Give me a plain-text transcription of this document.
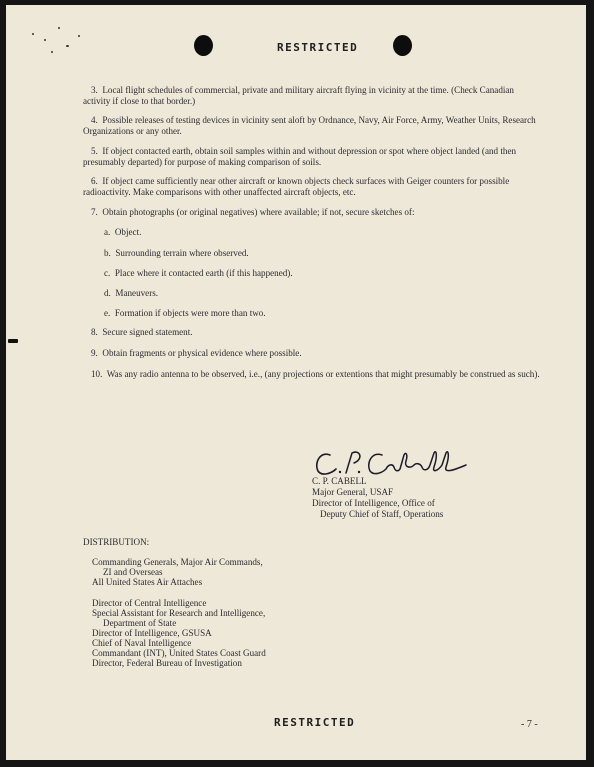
RESTRICTED
3. Local flight schedules of commercial, private and military aircraft flying in vicinity at the time. (Check Canadian activity if close to that border.)
4. Possible releases of testing devices in vicinity sent aloft by Ordnance, Navy, Air Force, Army, Weather Units, Research Organizations or any other.
5. If object contacted earth, obtain soil samples within and without depression or spot where object landed (and then presumably departed) for purpose of making comparison of soils.
6. If object came sufficiently near other aircraft or known objects check surfaces with Geiger counters for possible radioactivity. Make comparisons with other unaffected aircraft objects, etc.
7. Obtain photographs (or original negatives) where available; if not, secure sketches of:
a. Object.
b. Surrounding terrain where observed.
c. Place where it contacted earth (if this happened).
d. Maneuvers.
e. Formation if objects were more than two.
8. Secure signed statement.
9. Obtain fragments or physical evidence where possible.
10. Was any radio antenna to be observed, i.e., (any projections or extentions that might presumably be construed as such).
C. P. CABELL
Major General, USAF
Director of Intelligence, Office of
Deputy Chief of Staff, Operations
DISTRIBUTION:
Commanding Generals, Major Air Commands,
ZI and Overseas
All United States Air Attaches
Director of Central Intelligence
Special Assistant for Research and Intelligence,
Department of State
Director of Intelligence, GSUSA
Chief of Naval Intelligence
Commandant (INT), United States Coast Guard
Director, Federal Bureau of Investigation
RESTRICTED	- 7 -
